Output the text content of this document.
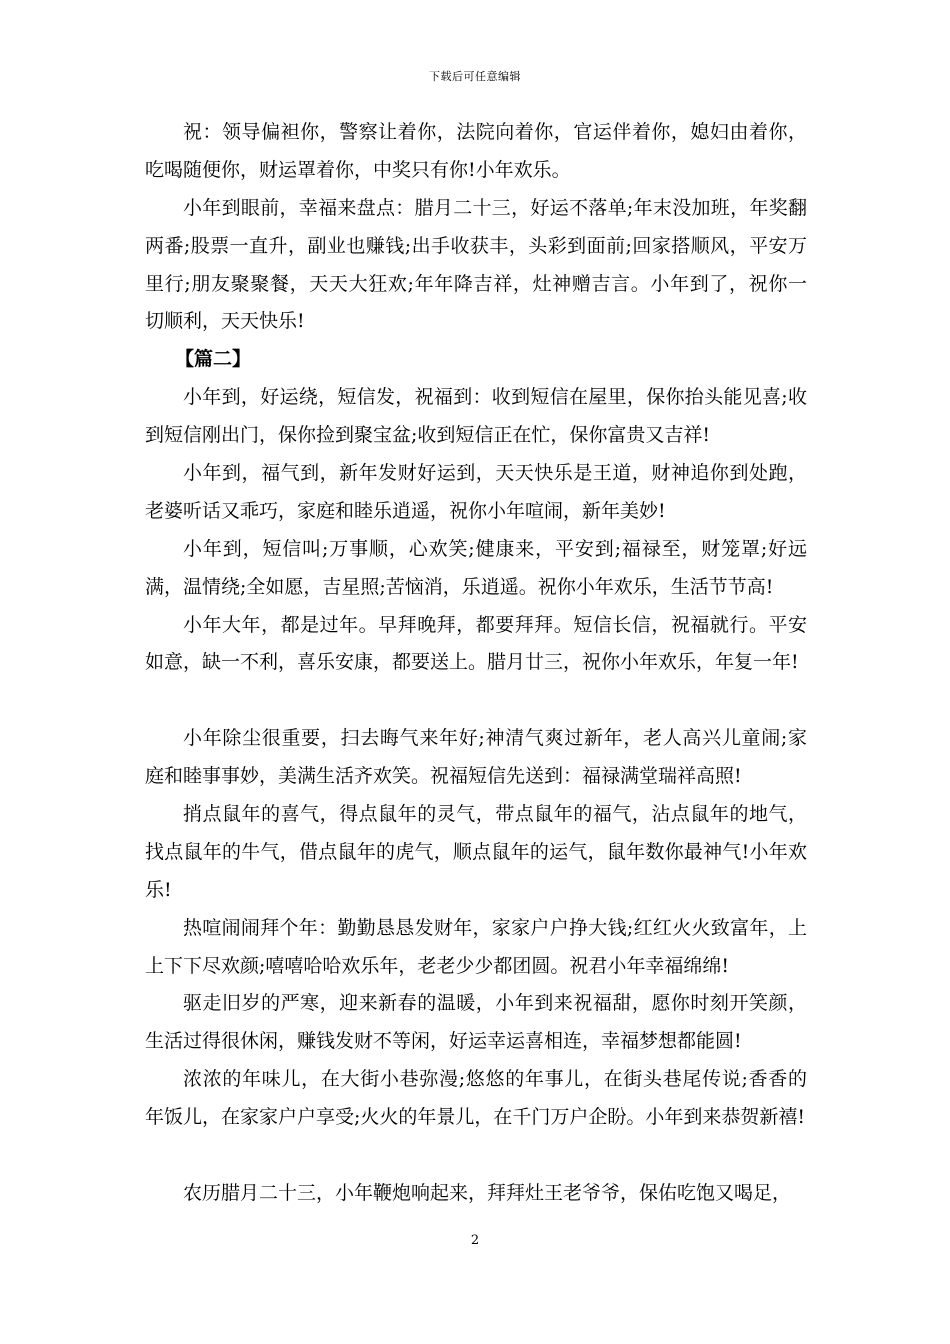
下载后可任意编辑
祝：领导偏袒你，警察让着你，法院向着你，官运伴着你，媳妇由着你，
吃喝随便你，财运罩着你，中奖只有你!小年欢乐。
小年到眼前，幸福来盘点：腊月二十三，好运不落单;年末没加班，年奖翻
两番;股票一直升，副业也赚钱;出手收获丰，头彩到面前;回家搭顺风，平安万
里行;朋友聚聚餐，天天大狂欢;年年降吉祥，灶神赠吉言。小年到了，祝你一
切顺利，天天快乐!
【篇二】
小年到，好运绕，短信发，祝福到：收到短信在屋里，保你抬头能见喜;收
到短信刚出门，保你捡到聚宝盆;收到短信正在忙，保你富贵又吉祥!
小年到，福气到，新年发财好运到，天天快乐是王道，财神追你到处跑，
老婆听话又乖巧，家庭和睦乐逍遥，祝你小年喧闹，新年美妙!
小年到，短信叫;万事顺，心欢笑;健康来，平安到;福禄至，财笼罩;好远
满，温情绕;全如愿，吉星照;苦恼消，乐逍遥。祝你小年欢乐，生活节节高!
小年大年，都是过年。早拜晚拜，都要拜拜。短信长信，祝福就行。平安
如意，缺一不利，喜乐安康，都要送上。腊月廿三，祝你小年欢乐，年复一年!
小年除尘很重要，扫去晦气来年好;神清气爽过新年，老人高兴儿童闹;家
庭和睦事事妙，美满生活齐欢笑。祝福短信先送到：福禄满堂瑞祥高照!
捎点鼠年的喜气，得点鼠年的灵气，带点鼠年的福气，沾点鼠年的地气，
找点鼠年的牛气，借点鼠年的虎气，顺点鼠年的运气，鼠年数你最神气!小年欢
乐!
热喧闹闹拜个年：勤勤恳恳发财年，家家户户挣大钱;红红火火致富年，上
上下下尽欢颜;嘻嘻哈哈欢乐年，老老少少都团圆。祝君小年幸福绵绵!
驱走旧岁的严寒，迎来新春的温暖，小年到来祝福甜，愿你时刻开笑颜，
生活过得很休闲，赚钱发财不等闲，好运幸运喜相连，幸福梦想都能圆!
浓浓的年味儿，在大街小巷弥漫;悠悠的年事儿，在街头巷尾传说;香香的
年饭儿，在家家户户享受;火火的年景儿，在千门万户企盼。小年到来恭贺新禧!
农历腊月二十三，小年鞭炮响起来，拜拜灶王老爷爷，保佑吃饱又喝足，
2
